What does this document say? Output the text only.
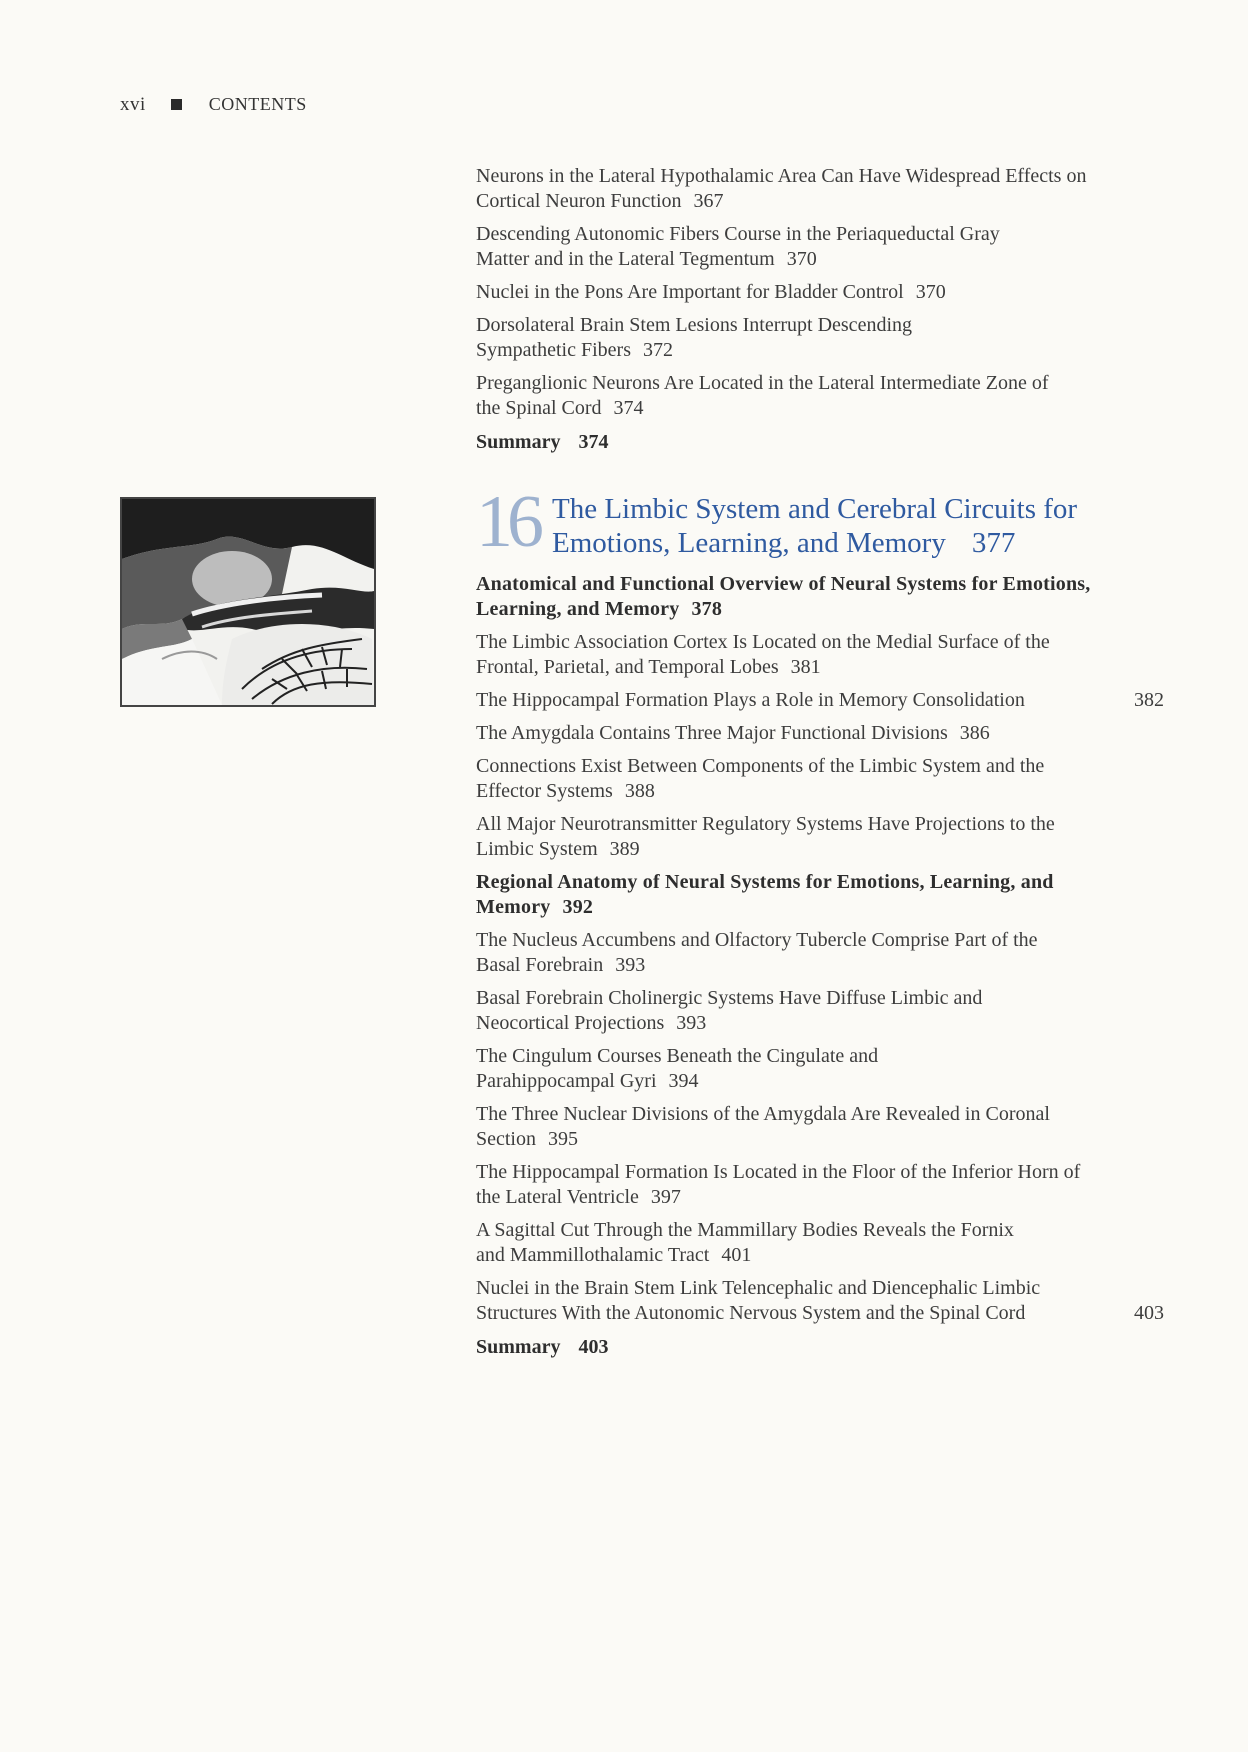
xvi	CONTENTS
Neurons in the Lateral Hypothalamic Area Can Have Widespread Effects on Cortical Neuron Function 367
Descending Autonomic Fibers Course in the Periaqueductal Gray Matter and in the Lateral Tegmentum 370
Nuclei in the Pons Are Important for Bladder Control 370
Dorsolateral Brain Stem Lesions Interrupt Descending Sympathetic Fibers 372
Preganglionic Neurons Are Located in the Lateral Intermediate Zone of the Spinal Cord 374
Summary 374
16 The Limbic System and Cerebral Circuits for
Emotions, Learning, and Memory 377
Anatomical and Functional Overview of Neural Systems for Emotions, Learning, and Memory 378
The Limbic Association Cortex Is Located on the Medial Surface of the Frontal, Parietal, and Temporal Lobes 381
The Hippocampal Formation Plays a Role in Memory Consolidation	382
The Amygdala Contains Three Major Functional Divisions 386
Connections Exist Between Components of the Limbic System and the Effector Systems 388
All Major Neurotransmitter Regulatory Systems Have Projections to the Limbic System 389
Regional Anatomy of Neural Systems for Emotions, Learning, and Memory 392
The Nucleus Accumbens and Olfactory Tubercle Comprise Part of the Basal Forebrain 393
Basal Forebrain Cholinergic Systems Have Diffuse Limbic and Neocortical Projections 393
The Cingulum Courses Beneath the Cingulate and Parahippocampal Gyri 394
The Three Nuclear Divisions of the Amygdala Are Revealed in Coronal Section 395
The Hippocampal Formation Is Located in the Floor of the Inferior Horn of the Lateral Ventricle 397
A Sagittal Cut Through the Mammillary Bodies Reveals the Fornix and Mammillothalamic Tract 401
Nuclei in the Brain Stem Link Telencephalic and Diencephalic Limbic Structures With the Autonomic Nervous System and the Spinal Cord	403
Summary 403
